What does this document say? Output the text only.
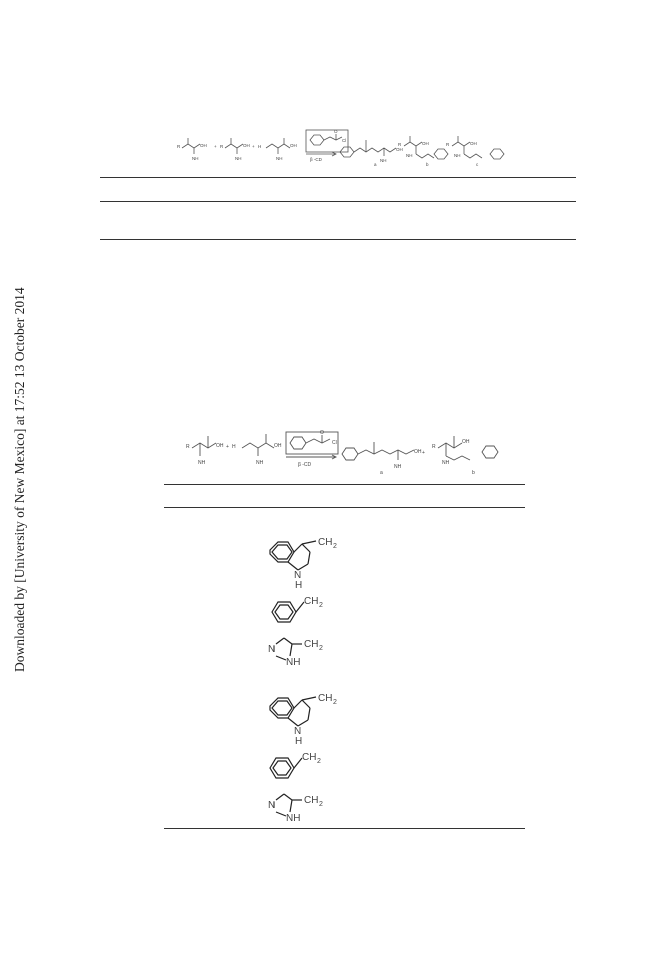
Downloaded by [University of New Mexico] at 17:52 13 October 2014
R	OH
NH
+ R	OH
NH
+ H	OH
NH
Cl
O
β -CD
OH
NH
a
R	OH
NH
b
R	OH
NH
c
R	OH
NH
+ H	OH
NH
Cl
O
β -CD
OH
NH
a
+
R
OH
NH
b
CH 2
N
H
CH 2
N
NH
CH 2
CH 2
N
H
CH 2
N
NH
CH 2
